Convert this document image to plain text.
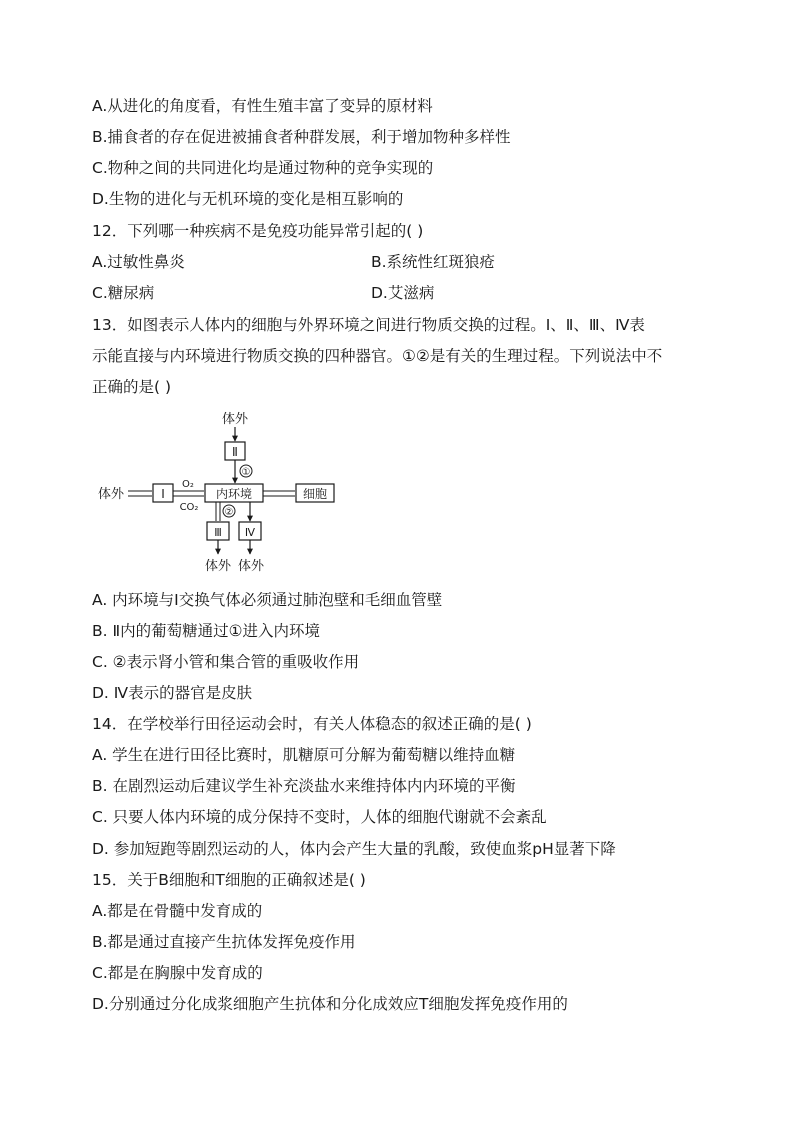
A.从进化的角度看，有性生殖丰富了变异的原材料
B.捕食者的存在促进被捕食者种群发展，利于增加物种多样性
C.物种之间的共同进化均是通过物种的竞争实现的
D.生物的进化与无机环境的变化是相互影响的
12．下列哪一种疾病不是免疫功能异常引起的( )
A.过敏性鼻炎	B.系统性红斑狼疮
C.糖尿病	D.艾滋病
13．如图表示人体内的细胞与外界环境之间进行物质交换的过程。Ⅰ、Ⅱ、Ⅲ、Ⅳ表
示能直接与内环境进行物质交换的四种器官。①②是有关的生理过程。下列说法中不
正确的是( )
体外
Ⅱ
①
体外	Ⅰ
O₂
CO₂
内环境	细胞
②
Ⅲ
体外
Ⅳ
体外
A. 内环境与Ⅰ交换气体必须通过肺泡壁和毛细血管壁
B. Ⅱ内的葡萄糖通过①进入内环境
C. ②表示肾小管和集合管的重吸收作用
D. Ⅳ表示的器官是皮肤
14．在学校举行田径运动会时，有关人体稳态的叙述正确的是( )
A. 学生在进行田径比赛时，肌糖原可分解为葡萄糖以维持血糖
B. 在剧烈运动后建议学生补充淡盐水来维持体内内环境的平衡
C. 只要人体内环境的成分保持不变时，人体的细胞代谢就不会紊乱
D. 参加短跑等剧烈运动的人，体内会产生大量的乳酸，致使血浆pH显著下降
15．关于B细胞和T细胞的正确叙述是( )
A.都是在骨髓中发育成的
B.都是通过直接产生抗体发挥免疫作用
C.都是在胸腺中发育成的
D.分别通过分化成浆细胞产生抗体和分化成效应T细胞发挥免疫作用的
